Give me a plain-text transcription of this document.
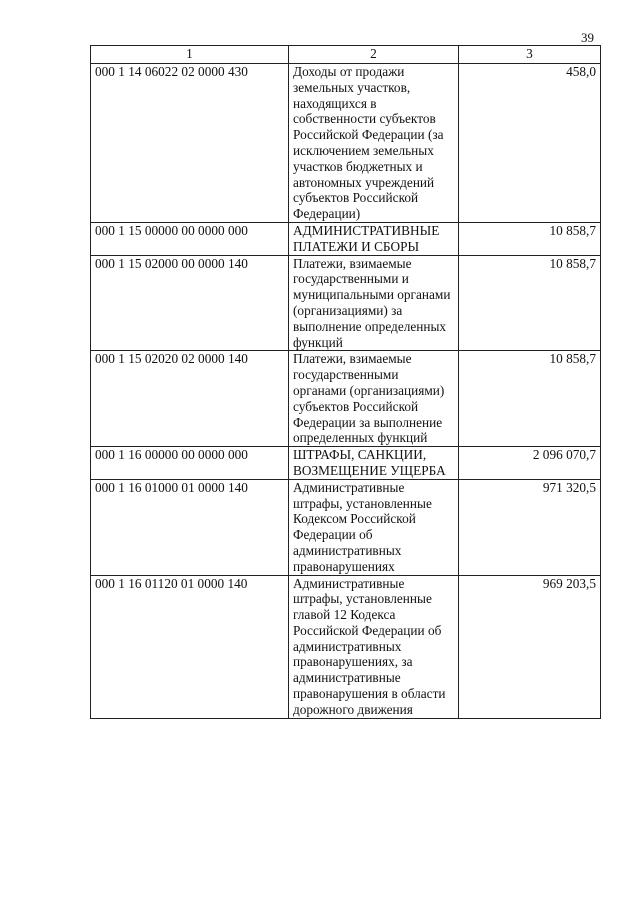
39
1	2	3
000 1 14 06022 02 0000 430	Доходы от продажи земельных участков, находящихся в собственности субъектов Российской Федерации (за исключением земельных участков бюджетных и автономных учреждений субъектов Российской Федерации)	458,0
000 1 15 00000 00 0000 000	АДМИНИСТРАТИВНЫЕ ПЛАТЕЖИ И СБОРЫ	10 858,7
000 1 15 02000 00 0000 140	Платежи, взимаемые государственными и муниципальными органами (организациями) за выполнение определенных функций	10 858,7
000 1 15 02020 02 0000 140	Платежи, взимаемые государственными органами (организациями) субъектов Российской Федерации за выполнение определенных функций	10 858,7
000 1 16 00000 00 0000 000	ШТРАФЫ, САНКЦИИ, ВОЗМЕЩЕНИЕ УЩЕРБА	2 096 070,7
000 1 16 01000 01 0000 140	Административные штрафы, установленные Кодексом Российской Федерации об административных правонарушениях	971 320,5
000 1 16 01120 01 0000 140	Административные штрафы, установленные главой 12 Кодекса Российской Федерации об административных правонарушениях, за административные правонарушения в области дорожного движения	969 203,5
